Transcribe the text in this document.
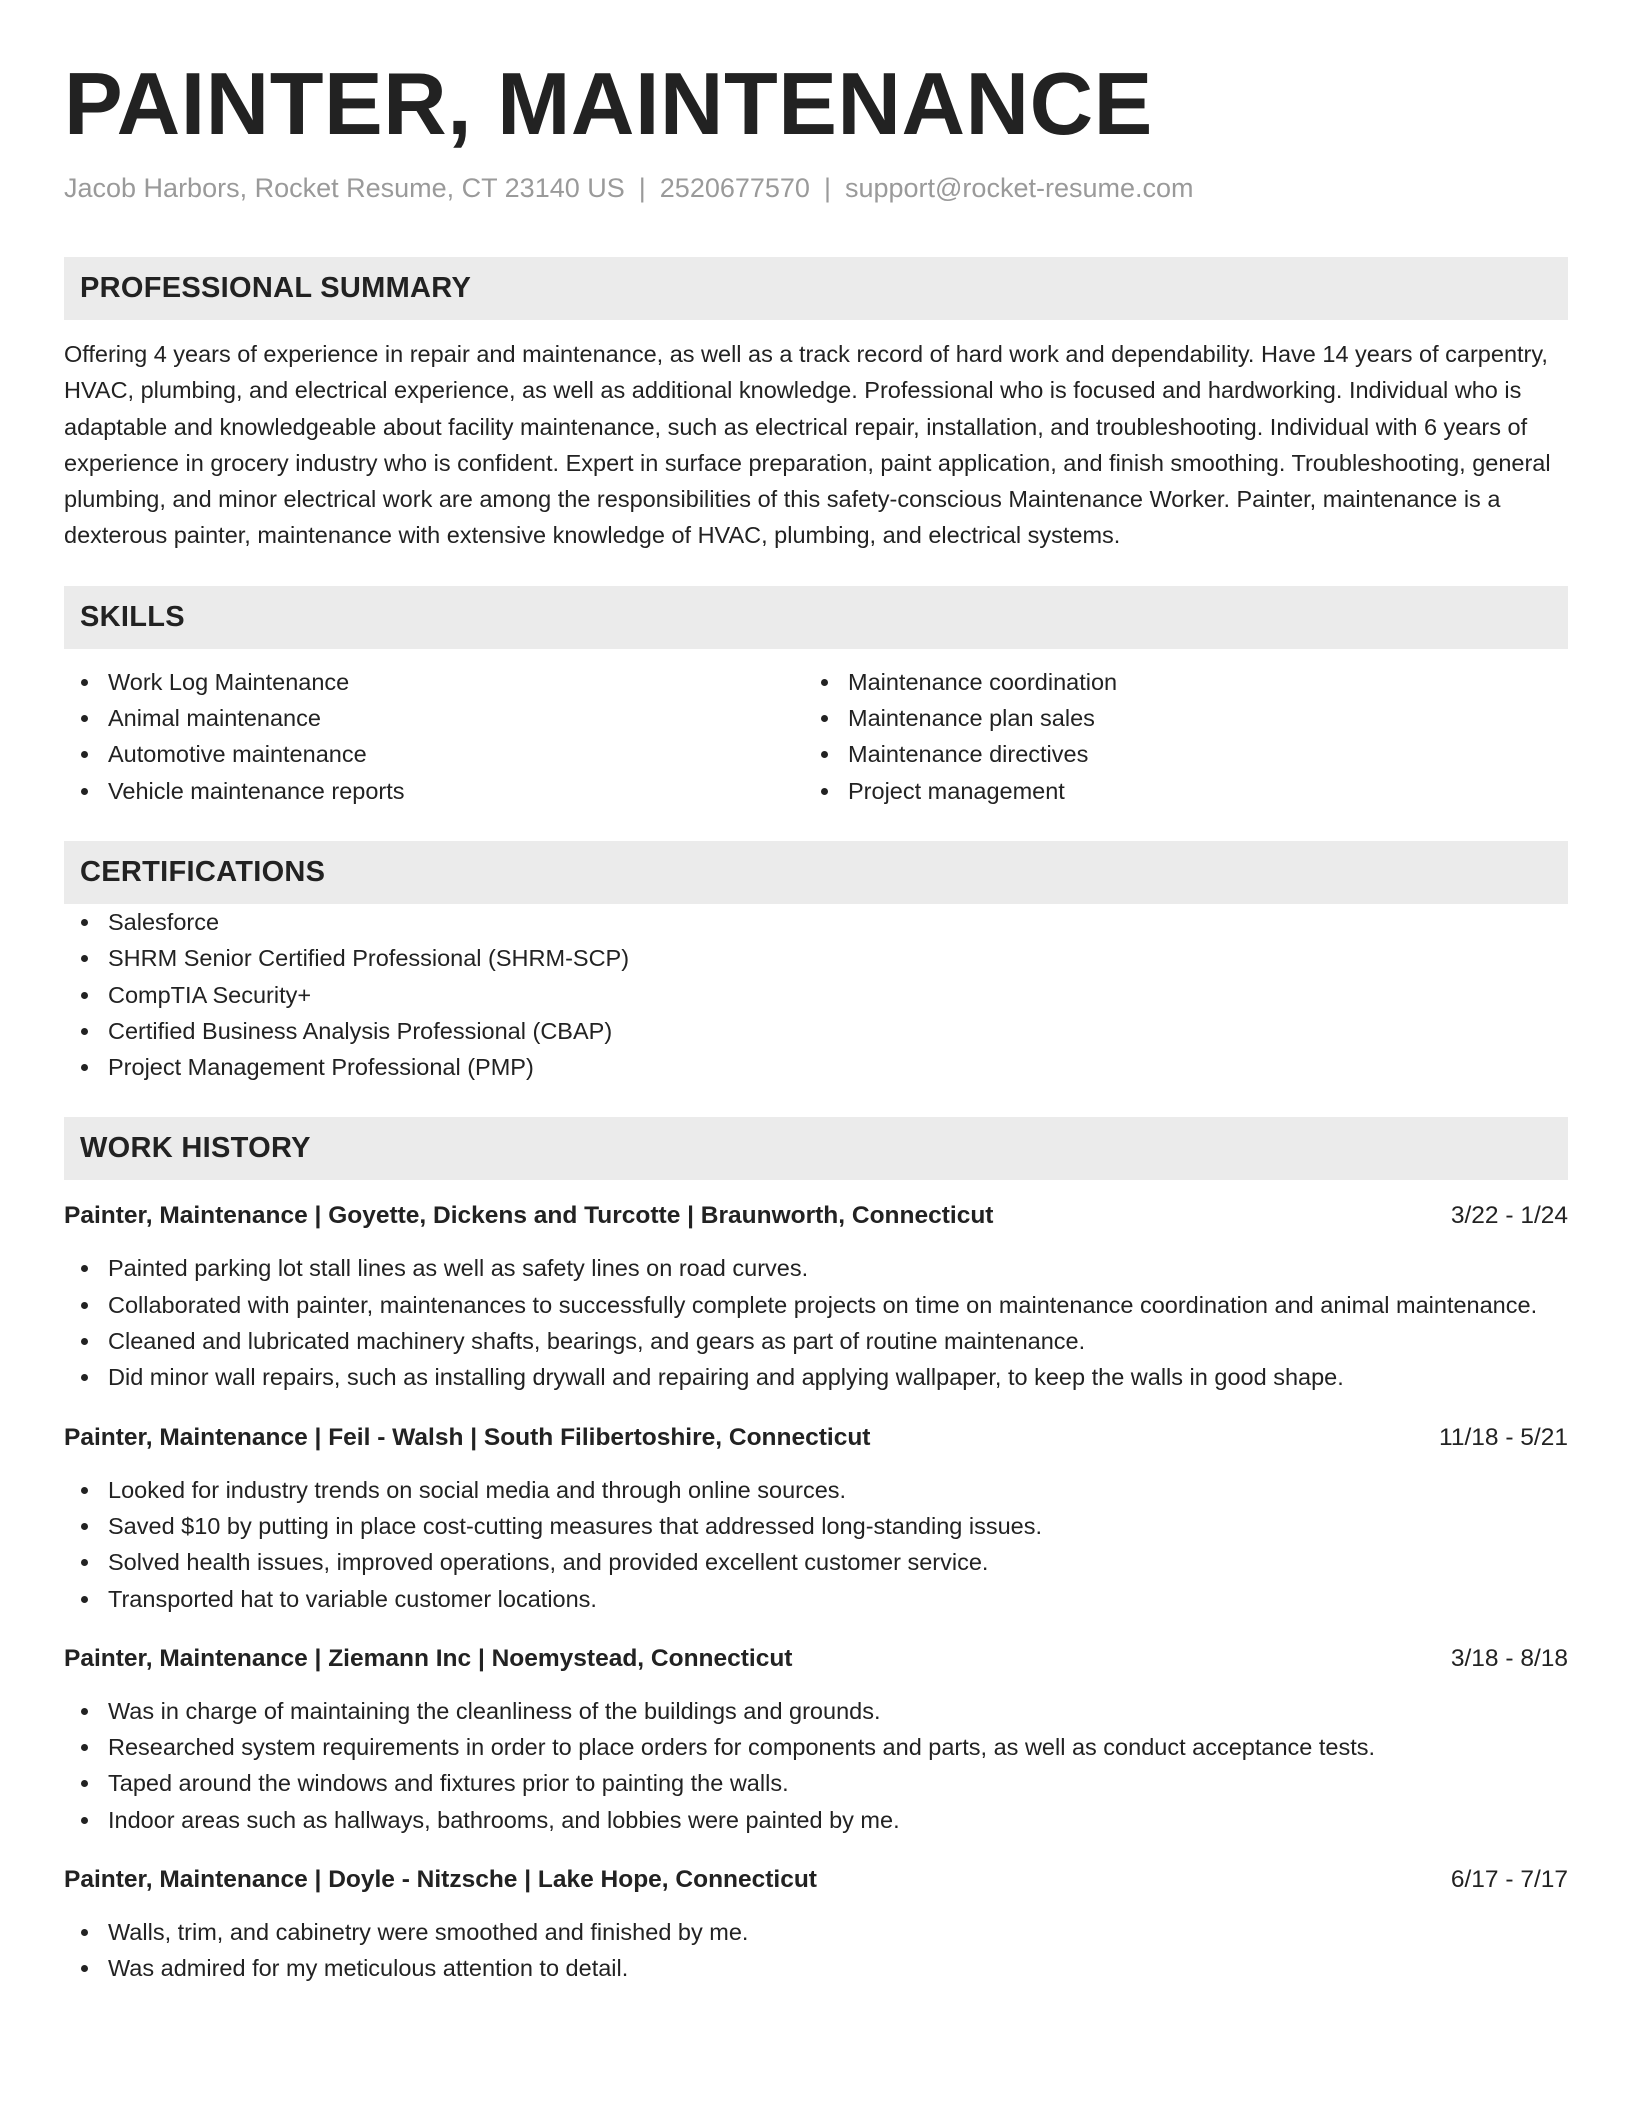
PAINTER, MAINTENANCE
Jacob Harbors, Rocket Resume, CT 23140 US | 2520677570 | support@rocket-resume.com
PROFESSIONAL SUMMARY

Offering 4 years of experience in repair and maintenance, as well as a track record of hard work and dependability. Have 14 years of carpentry, HVAC, plumbing, and electrical experience, as well as additional knowledge. Professional who is focused and hardworking. Individual who is adaptable and knowledgeable about facility maintenance, such as electrical repair, installation, and troubleshooting. Individual with 6 years of experience in grocery industry who is confident. Expert in surface preparation, paint application, and finish smoothing. Troubleshooting, general plumbing, and minor electrical work are among the responsibilities of this safety-conscious Maintenance Worker. Painter, maintenance is a dexterous painter, maintenance with extensive knowledge of HVAC, plumbing, and electrical systems.

SKILLS
Work Log Maintenance
Animal maintenance
Automotive maintenance
Vehicle maintenance reports
Maintenance coordination
Maintenance plan sales
Maintenance directives
Project management
CERTIFICATIONS
Salesforce
SHRM Senior Certified Professional (SHRM-SCP)
CompTIA Security+
Certified Business Analysis Professional (CBAP)
Project Management Professional (PMP)
WORK HISTORY
Painter, Maintenance | Goyette, Dickens and Turcotte | Braunworth, Connecticut	3/22 - 1/24
Painted parking lot stall lines as well as safety lines on road curves.
Collaborated with painter, maintenances to successfully complete projects on time on maintenance coordination and animal maintenance.
Cleaned and lubricated machinery shafts, bearings, and gears as part of routine maintenance.
Did minor wall repairs, such as installing drywall and repairing and applying wallpaper, to keep the walls in good shape.
Painter, Maintenance | Feil - Walsh | South Filibertoshire, Connecticut	11/18 - 5/21
Looked for industry trends on social media and through online sources.
Saved $10 by putting in place cost-cutting measures that addressed long-standing issues.
Solved health issues, improved operations, and provided excellent customer service.
Transported hat to variable customer locations.
Painter, Maintenance | Ziemann Inc | Noemystead, Connecticut	3/18 - 8/18
Was in charge of maintaining the cleanliness of the buildings and grounds.
Researched system requirements in order to place orders for components and parts, as well as conduct acceptance tests.
Taped around the windows and fixtures prior to painting the walls.
Indoor areas such as hallways, bathrooms, and lobbies were painted by me.
Painter, Maintenance | Doyle - Nitzsche | Lake Hope, Connecticut	6/17 - 7/17
Walls, trim, and cabinetry were smoothed and finished by me.
Was admired for my meticulous attention to detail.
